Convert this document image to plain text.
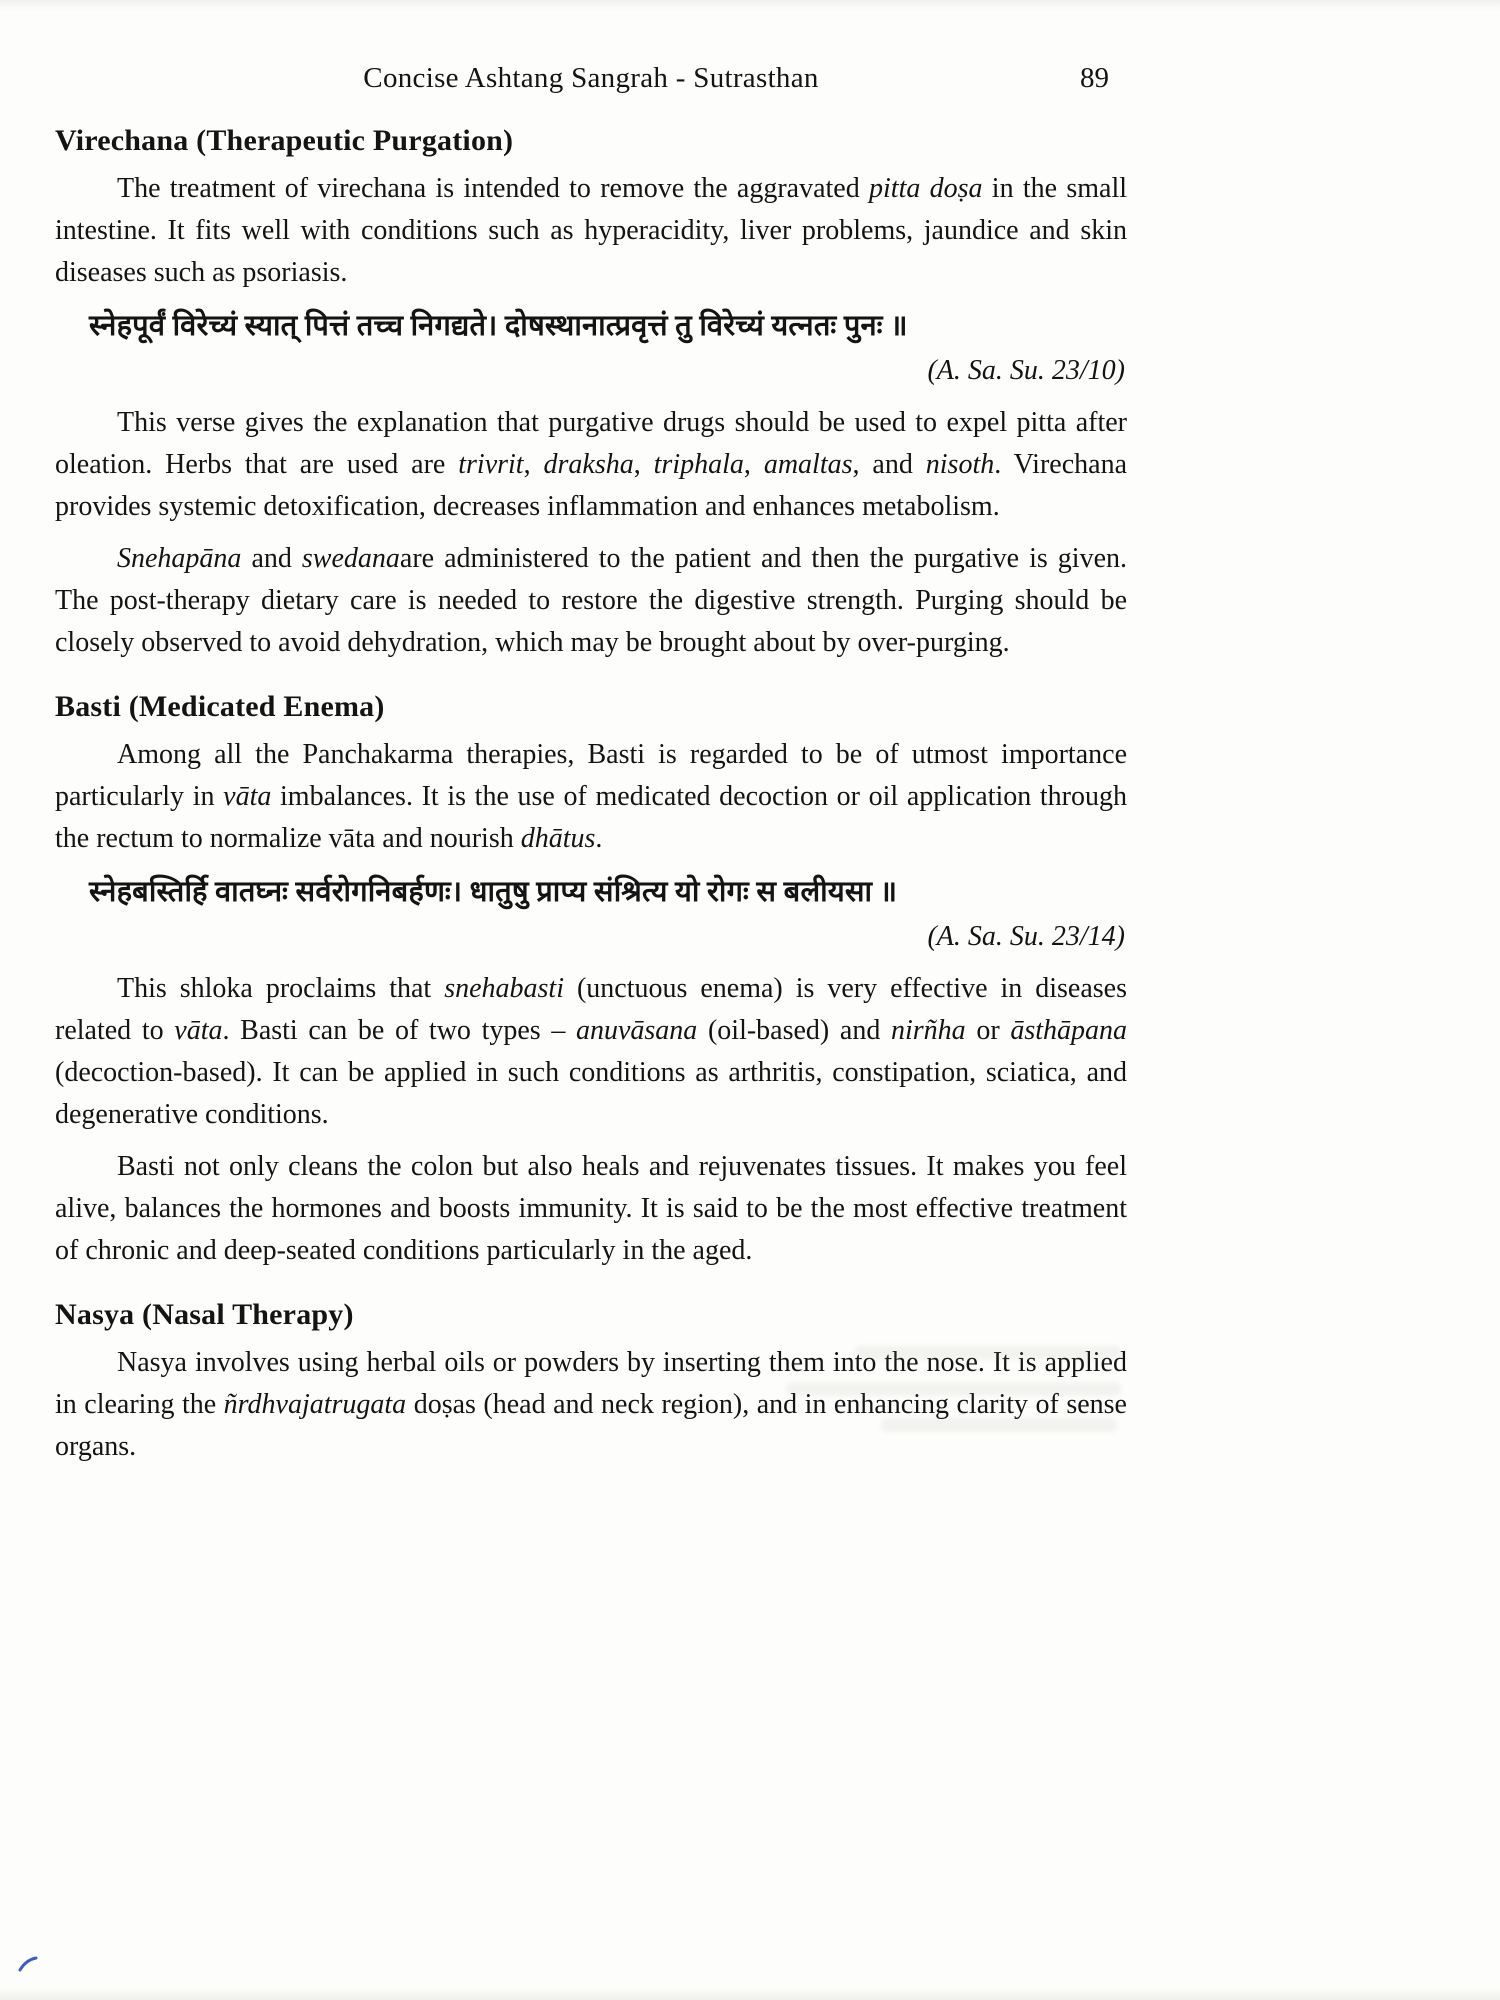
Concise Ashtang Sangrah - Sutrasthan	89
Virechana (Therapeutic Purgation)

The treatment of virechana is intended to remove the aggravated pitta doṣa in the small intestine. It fits well with conditions such as hyperacidity, liver problems, jaundice and skin diseases such as psoriasis.

स्नेहपूर्वं विरेच्यं स्यात् पित्तं तच्च निगद्यते। दोषस्थानात्प्रवृत्तं तु विरेच्यं यत्नतः पुनः ॥
(A. Sa. Su. 23/10)

This verse gives the explanation that purgative drugs should be used to expel pitta after oleation. Herbs that are used are trivrit, draksha, triphala, amaltas, and nisoth. Virechana provides systemic detoxification, decreases inflammation and enhances metabolism.

Snehapāna and swedanaare administered to the patient and then the purgative is given. The post-therapy dietary care is needed to restore the digestive strength. Purging should be closely observed to avoid dehydration, which may be brought about by over-purging.

Basti (Medicated Enema)

Among all the Panchakarma therapies, Basti is regarded to be of utmost importance particularly in vāta imbalances. It is the use of medicated decoction or oil application through the rectum to normalize vāta and nourish dhātus.

स्नेहबस्तिर्हि वातघ्नः सर्वरोगनिबर्हणः। धातुषु प्राप्य संश्रित्य यो रोगः स बलीयसा ॥
(A. Sa. Su. 23/14)

This shloka proclaims that snehabasti (unctuous enema) is very effective in diseases related to vāta. Basti can be of two types – anuvāsana (oil-based) and nirñha or āsthāpana (decoction-based). It can be applied in such conditions as arthritis, constipation, sciatica, and degenerative conditions.

Basti not only cleans the colon but also heals and rejuvenates tissues. It makes you feel alive, balances the hormones and boosts immunity. It is said to be the most effective treatment of chronic and deep-seated conditions particularly in the aged.

Nasya (Nasal Therapy)

Nasya involves using herbal oils or powders by inserting them into the nose. It is applied in clearing the ñrdhvajatrugata doṣas (head and neck region), and in enhancing clarity of sense organs.
